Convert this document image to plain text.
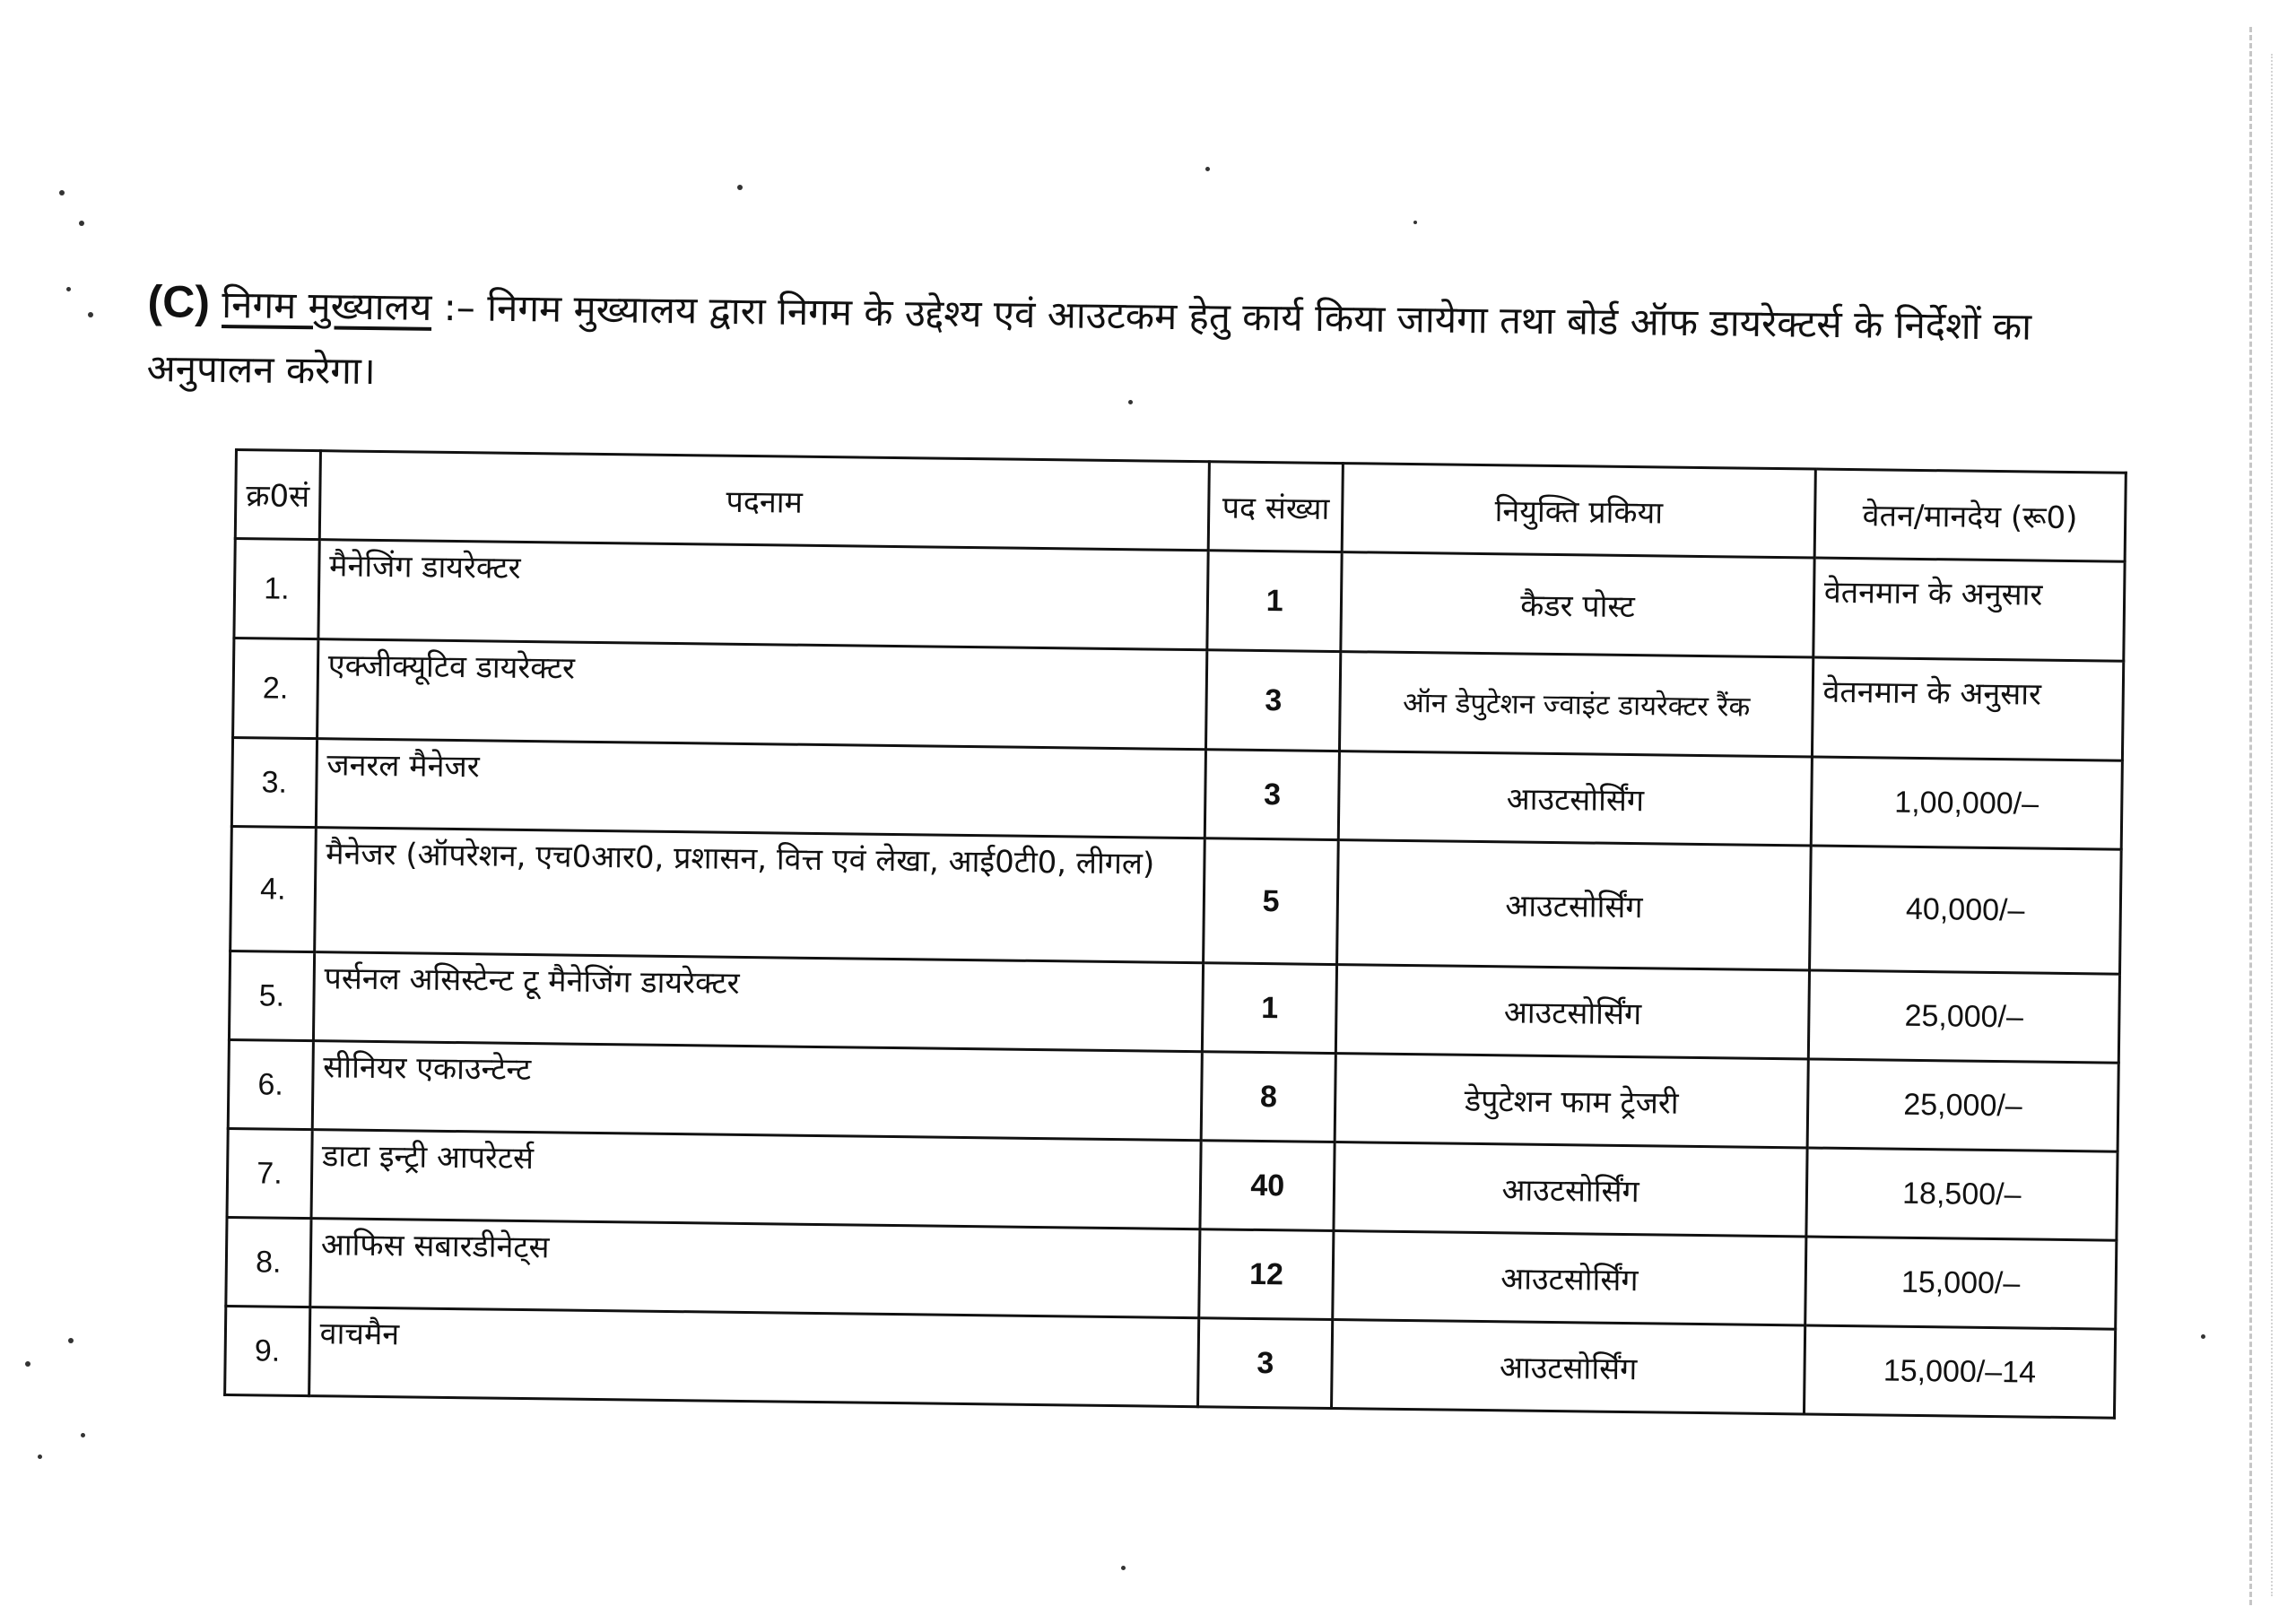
(C) निगम मुख्यालय :– निगम मुख्यालय द्वारा निगम के उद्देश्य एवं आउटकम हेतु कार्य किया जायेगा तथा बोर्ड ऑफ डायरेक्टर्स के निर्देशों का अनुपालन करेगा।
क्र0सं	पदनाम	पद संख्या	नियुक्ति प्रकिया	वेतन/मानदेय (रू0)
1.	मैनेजिंग डायरेक्टर	1	कैडर पोस्ट	वेतनमान के अनुसार
2.	एक्जीक्यूटिव डायरेक्टर	3	ऑन डेपुटेशन ज्वाइंट डायरेक्टर रैंक	वेतनमान के अनुसार
3.	जनरल मैनेजर	3	आउटसोर्सिंग	1,00,000/–
4.	मैनेजर (ऑपरेशन, एच0आर0, प्रशासन, वित्त एवं लेखा, आई0टी0, लीगल)	5	आउटसोर्सिंग	40,000/–
5.	पर्सनल असिस्टेन्ट टू मैनेजिंग डायरेक्टर	1	आउटसोर्सिंग	25,000/–
6.	सीनियर एकाउन्टेन्ट	8	डेपुटेशन फाम ट्रेजरी	25,000/–
7.	डाटा इन्ट्री आपरेटर्स	40	आउटसोर्सिंग	18,500/–
8.	आफिस सबारडीनेट्स	12	आउटसोर्सिंग	15,000/–
9.	वाचमैन	3	आउटसोर्सिंग	15,000/–14
